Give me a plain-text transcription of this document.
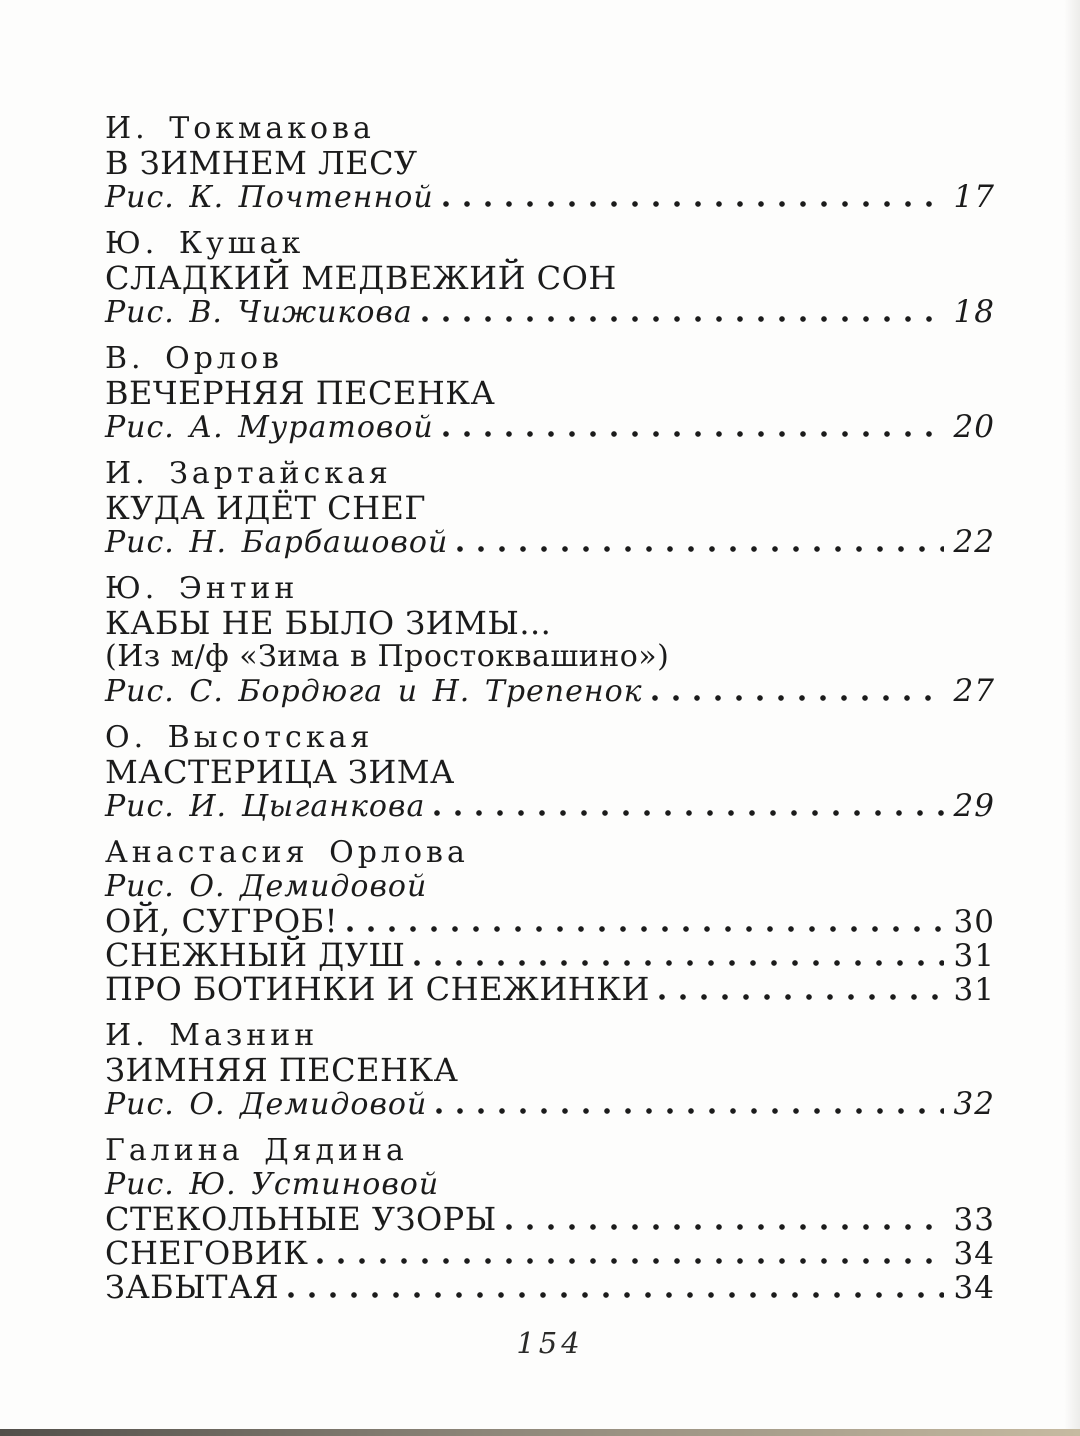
И. Токмакова
В ЗИМНЕМ ЛЕСУ
Рис. К. Почтенной	17
Ю. Кушак
СЛАДКИЙ МЕДВЕЖИЙ СОН
Рис. В. Чижикова	18
В. Орлов
ВЕЧЕРНЯЯ ПЕСЕНКА
Рис. А. Муратовой	20
И. Зартайская
КУДА ИДЁТ СНЕГ
Рис. Н. Барбашовой	22
Ю. Энтин
КАБЫ НЕ БЫЛО ЗИМЫ...
(Из м/ф «Зима в Простоквашино»)
Рис. С. Бордюга и Н. Трепенок	27
О. Высотская
МАСТЕРИЦА ЗИМА
Рис. И. Цыганкова	29
Анастасия Орлова
Рис. О. Демидовой
ОЙ, СУГРОБ!	30
СНЕЖНЫЙ ДУШ	31
ПРО БОТИНКИ И СНЕЖИНКИ	31
И. Мазнин
ЗИМНЯЯ ПЕСЕНКА
Рис. О. Демидовой	32
Галина Дядина
Рис. Ю. Устиновой
СТЕКОЛЬНЫЕ УЗОРЫ	33
СНЕГОВИК	34
ЗАБЫТАЯ	34
154
